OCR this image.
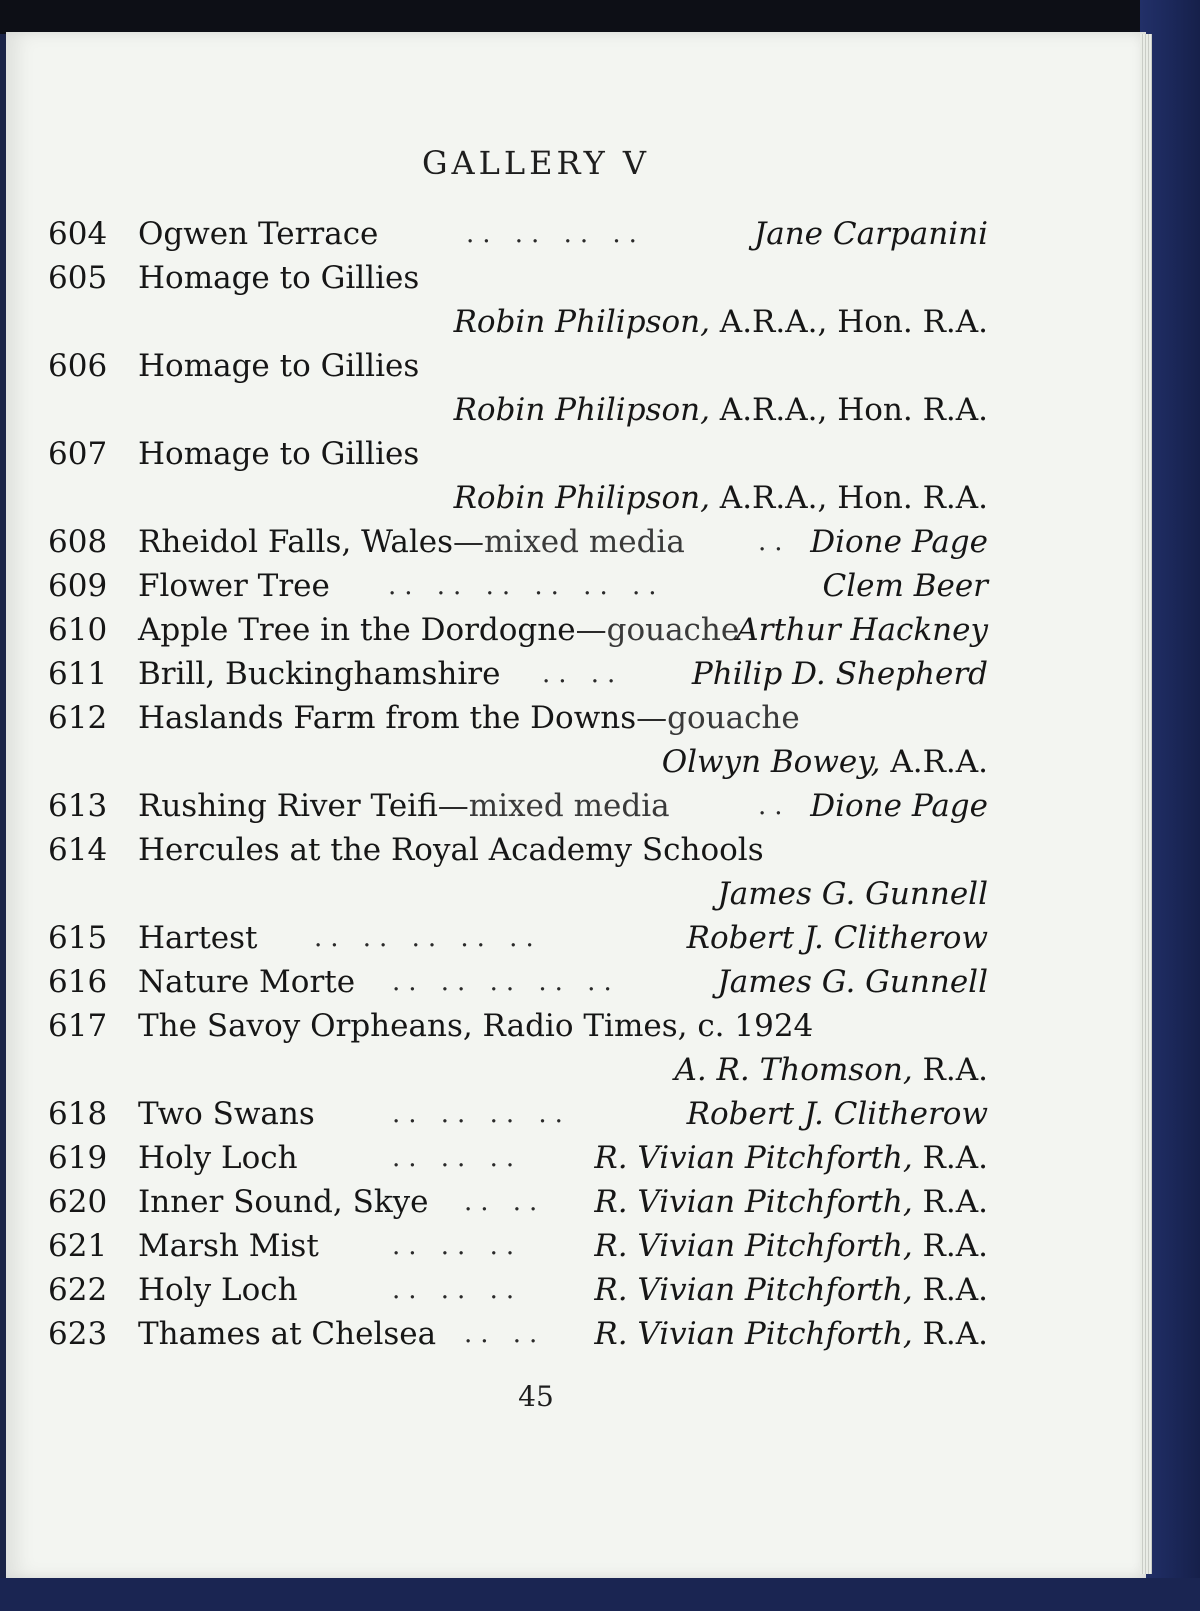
GALLERY V
604 Ogwen Terrace	.. .. .. ..	Jane Carpanini
605 Homage to Gillies
Robin Philipson, A.R.A., Hon. R.A.
606 Homage to Gillies
Robin Philipson, A.R.A., Hon. R.A.
607 Homage to Gillies
Robin Philipson, A.R.A., Hon. R.A.
608 Rheidol Falls, Wales—mixed media	.. Dione Page
609 Flower Tree .. .. .. .. .. ..	Clem Beer
610 Apple Tree in the Dordogne—gouache
Arthur Hackney
611 Brill, Buckinghamshire .. .. Philip D. Shepherd
612 Haslands Farm from the Downs—gouache
Olwyn Bowey, A.R.A.
613 Rushing River Teifi—mixed media	.. Dione Page
614 Hercules at the Royal Academy Schools
James G. Gunnell
615 Hartest .. .. .. .. ..	Robert J. Clitherow
616 Nature Morte .. .. .. .. ..	James G. Gunnell
617 The Savoy Orpheans, Radio Times, c. 1924
A. R. Thomson, R.A.
618 Two Swans	.. .. .. ..	Robert J. Clitherow
619 Holy Loch	.. .. .. R. Vivian Pitchforth, R.A.
620 Inner Sound, Skye .. .. R. Vivian Pitchforth, R.A.
621 Marsh Mist	.. .. .. R. Vivian Pitchforth, R.A.
622 Holy Loch	.. .. .. R. Vivian Pitchforth, R.A.
623 Thames at Chelsea .. .. R. Vivian Pitchforth, R.A.
45
